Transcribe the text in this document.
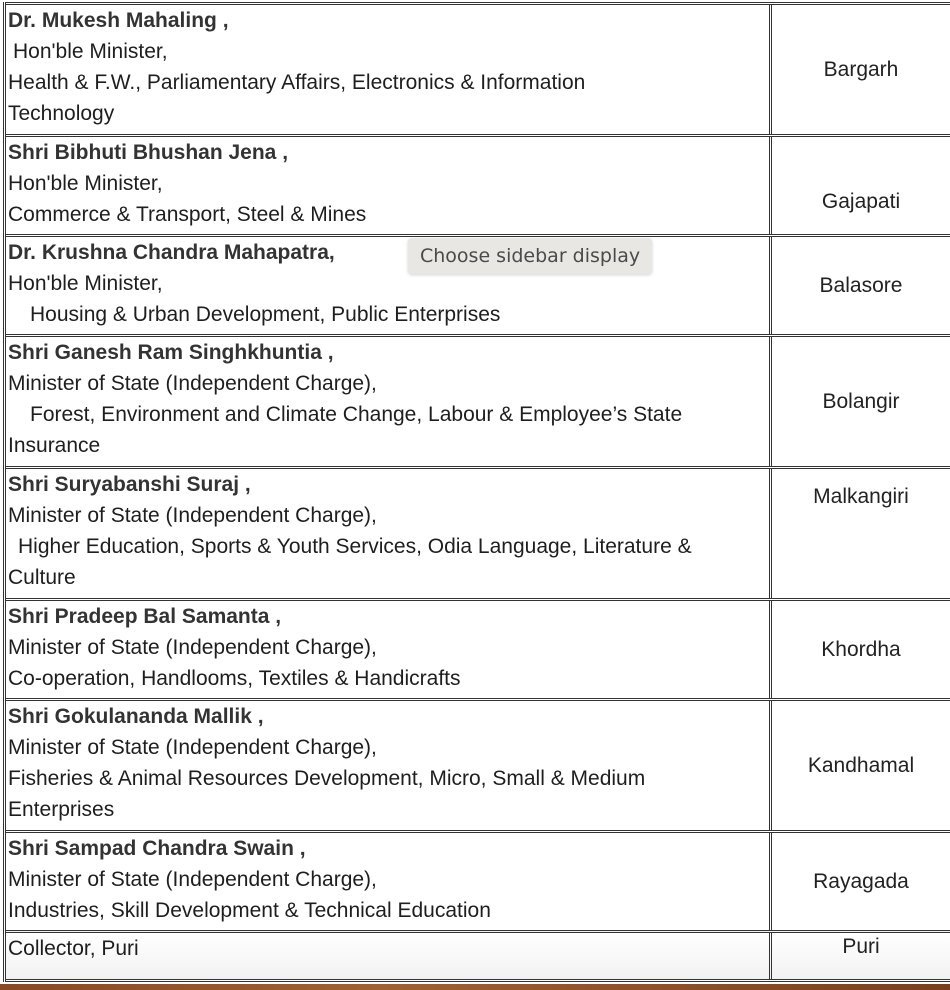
Dr. Mukesh Mahaling ,
Hon'ble Minister,
Health & F.W., Parliamentary Affairs, Electronics & Information
Technology
Bargarh
Shri Bibhuti Bhushan Jena ,
Hon'ble Minister,
Commerce & Transport, Steel & Mines
Gajapati
Dr. Krushna Chandra Mahapatra,
Hon'ble Minister,
Housing & Urban Development, Public Enterprises
Balasore
Shri Ganesh Ram Singhkhuntia ,
Minister of State (Independent Charge),
Forest, Environment and Climate Change, Labour & Employee’s State
Insurance
Bolangir
Shri Suryabanshi Suraj ,
Minister of State (Independent Charge),
Higher Education, Sports & Youth Services, Odia Language, Literature &
Culture
Malkangiri
Shri Pradeep Bal Samanta ,
Minister of State (Independent Charge),
Co-operation, Handlooms, Textiles & Handicrafts
Khordha
Shri Gokulananda Mallik ,
Minister of State (Independent Charge),
Fisheries & Animal Resources Development, Micro, Small & Medium
Enterprises
Kandhamal
Shri Sampad Chandra Swain ,
Minister of State (Independent Charge),
Industries, Skill Development & Technical Education
Rayagada
Collector, Puri	Puri
Choose sidebar display
